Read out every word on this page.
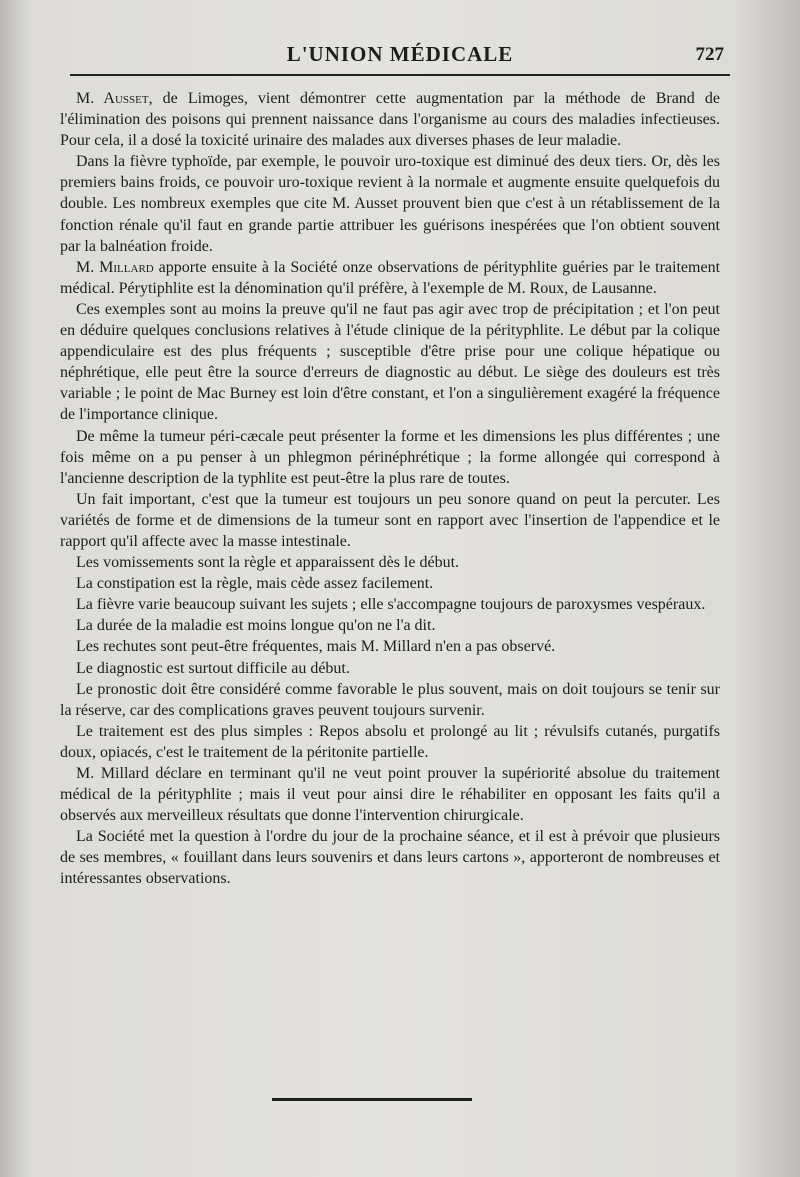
L'UNION MÉDICALE	727

M. Ausset, de Limoges, vient démontrer cette augmentation par la méthode de Brand de l'élimination des poisons qui prennent naissance dans l'organisme au cours des maladies infectieuses. Pour cela, il a dosé la toxicité urinaire des malades aux diverses phases de leur maladie.

Dans la fièvre typhoïde, par exemple, le pouvoir uro-toxique est diminué des deux tiers. Or, dès les premiers bains froids, ce pouvoir uro-toxique revient à la normale et augmente ensuite quelquefois du double. Les nombreux exemples que cite M. Ausset prouvent bien que c'est à un rétablissement de la fonction rénale qu'il faut en grande partie attribuer les guérisons inespérées que l'on obtient souvent par la balnéation froide.

M. Millard apporte ensuite à la Société onze observations de pérityphlite guéries par le traitement médical. Pérytiphlite est la dénomination qu'il préfère, à l'exemple de M. Roux, de Lausanne.

Ces exemples sont au moins la preuve qu'il ne faut pas agir avec trop de précipitation ; et l'on peut en déduire quelques conclusions relatives à l'étude clinique de la pérityphlite. Le début par la colique appendiculaire est des plus fréquents ; susceptible d'être prise pour une colique hépatique ou néphrétique, elle peut être la source d'erreurs de diagnostic au début. Le siège des douleurs est très variable ; le point de Mac Burney est loin d'être constant, et l'on a singulièrement exagéré la fréquence de l'importance clinique.

De même la tumeur péri-cæcale peut présenter la forme et les dimensions les plus différentes ; une fois même on a pu penser à un phlegmon périnéphrétique ; la forme allongée qui correspond à l'ancienne description de la typhlite est peut-être la plus rare de toutes.

Un fait important, c'est que la tumeur est toujours un peu sonore quand on peut la percuter. Les variétés de forme et de dimensions de la tumeur sont en rapport avec l'insertion de l'appendice et le rapport qu'il affecte avec la masse intestinale.

Les vomissements sont la règle et apparaissent dès le début.

La constipation est la règle, mais cède assez facilement.

La fièvre varie beaucoup suivant les sujets ; elle s'accompagne toujours de paroxysmes vespéraux.

La durée de la maladie est moins longue qu'on ne l'a dit.

Les rechutes sont peut-être fréquentes, mais M. Millard n'en a pas observé.

Le diagnostic est surtout difficile au début.

Le pronostic doit être considéré comme favorable le plus souvent, mais on doit toujours se tenir sur la réserve, car des complications graves peuvent toujours survenir.

Le traitement est des plus simples : Repos absolu et prolongé au lit ; révulsifs cutanés, purgatifs doux, opiacés, c'est le traitement de la péritonite partielle.

M. Millard déclare en terminant qu'il ne veut point prouver la supériorité absolue du traitement médical de la pérityphlite ; mais il veut pour ainsi dire le réhabiliter en opposant les faits qu'il a observés aux merveilleux résultats que donne l'intervention chirurgicale.

La Société met la question à l'ordre du jour de la prochaine séance, et il est à prévoir que plusieurs de ses membres, « fouillant dans leurs souvenirs et dans leurs cartons », apporteront de nombreuses et intéressantes observations.
